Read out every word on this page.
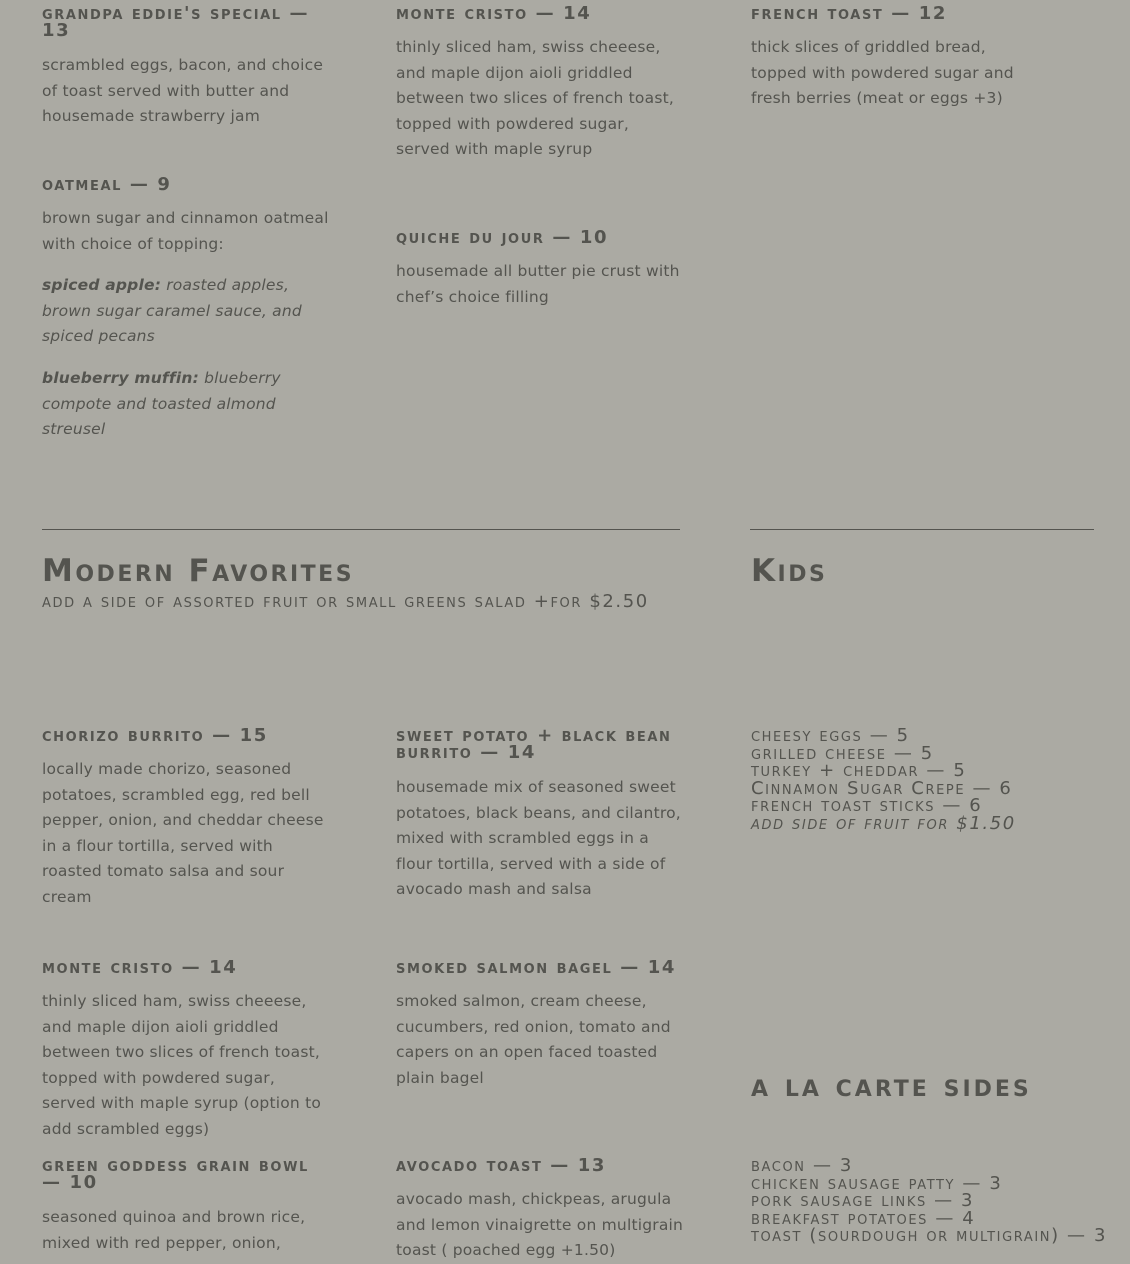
grandpa eddie's special — 13

scrambled eggs, bacon, and choice of toast served with butter and housemade strawberry jam

monte cristo — 14

thinly sliced ham, swiss cheeese, and maple dijon aioli griddled between two slices of french toast, topped with powdered sugar, served with maple syrup

french toast — 12

thick slices of griddled bread, topped with powdered sugar and fresh berries (meat or eggs +3)

oatmeal — 9

brown sugar and cinnamon oatmeal with choice of topping:

spiced apple: roasted apples, brown sugar caramel sauce, and spiced pecans

blueberry muffin: blueberry compote and toasted almond streusel

quiche du jour — 10

housemade all butter pie crust with chef’s choice filling

Modern Favorites
add a side of assorted fruit or small greens salad +for $2.50
Kids
chorizo burrito — 15

locally made chorizo, seasoned potatoes, scrambled egg, red bell pepper, onion, and cheddar cheese in a flour tortilla, served with roasted tomato salsa and sour cream

sweet potato + black bean burrito — 14

housemade mix of seasoned sweet potatoes, black beans, and cilantro, mixed with scrambled eggs in a flour tortilla, served with a side of avocado mash and salsa

cheesy eggs — 5
grilled cheese — 5
turkey + cheddar — 5
Cinnamon Sugar Crepe — 6
french toast sticks — 6
add side of fruit for $1.50
monte cristo — 14

thinly sliced ham, swiss cheeese, and maple dijon aioli griddled between two slices of french toast, topped with powdered sugar, served with maple syrup (option to add scrambled eggs)

smoked salmon bagel — 14

smoked salmon, cream cheese, cucumbers, red onion, tomato and capers on an open faced toasted plain bagel	a la carte sides
green goddess grain bowl — 10

seasoned quinoa and brown rice, mixed with red pepper, onion,

avocado toast — 13

avocado mash, chickpeas, arugula and lemon vinaigrette on multigrain toast ( poached egg +1.50)

bacon — 3
chicken sausage patty — 3
pork sausage links — 3
breakfast potatoes — 4
toast (sourdough or multigrain) — 3
